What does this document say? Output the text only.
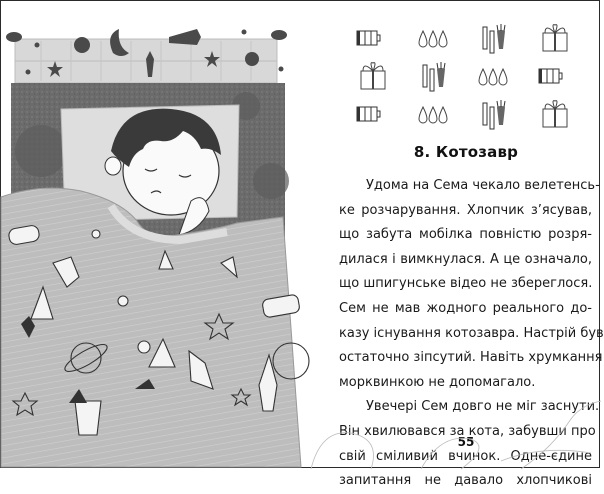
8. Котозавр
Удома на Сема чекало велетенсь-
ке розчарування. Хлопчик з’ясував,
що забута мобілка повністю розря-
дилася і вимкнулася. А це означало,
що шпигунське відео не збереглося.
Сем не мав жодного реального до-
казу існування котозавра. Настрій був
остаточно зіпсутий. Навіть хрумкання
морквинкою не допомагало.
Увечері Сем довго не міг заснути.
Він хвилювався за кота, забувши про
свій сміливий вчинок. Одне-єдине
запитання не давало хлопчикові
55
